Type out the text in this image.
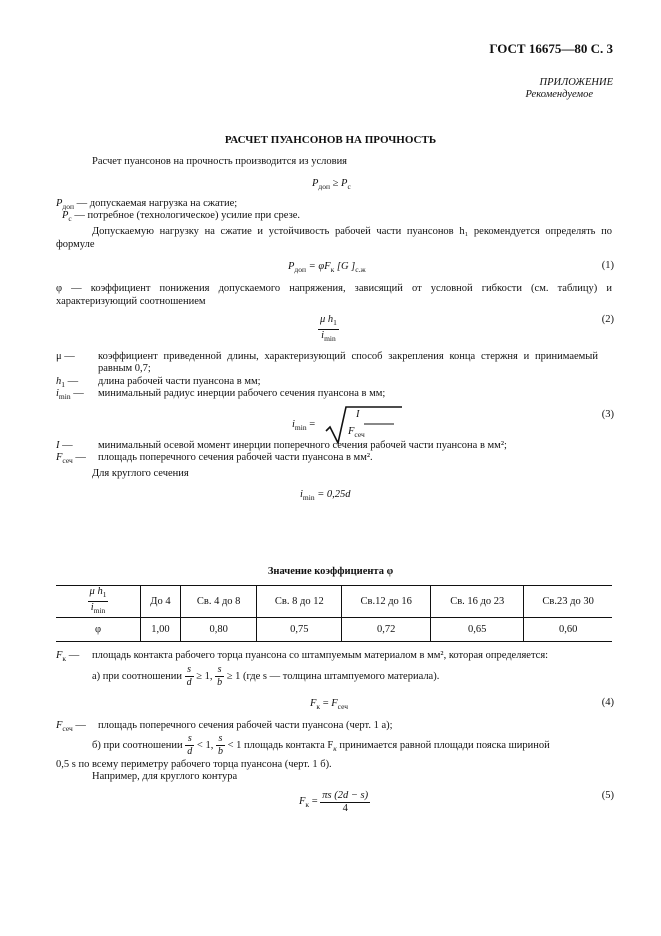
ГОСТ 16675—80 С. 3
ПРИЛОЖЕНИЕ
Рекомендуемое
РАСЧЕТ ПУАНСОНОВ НА ПРОЧНОСТЬ
Расчет пуансонов на прочность производится из условия
$P_{доп} \ge P_c$
$P_{доп}$ — допускаемая нагрузка на сжатие;
$P_c$ — потребное (технологическое) усилие при срезе.
Допускаемую нагрузку на сжатие и устойчивость рабочей части пуансонов h₁ рекомендуется определять по формуле
$P_{доп} = \varphi F_к$ [G ]$_{с.ж}$	(1)
φ — коэффициент понижения допускаемого напряжения, зависящий от условной гибкости (см. таблицу) и характеризующий соотношением
$\frac{\mu h_1}{i_{min}}$	(2)
μ — коэффициент приведенной длины, характеризующий способ закрепления конца стержня и принимаемый равным 0,7;
$h_1$ — длина рабочей части пуансона в мм;
$i_{min}$ — минимальный радиус инерции рабочего сечения пуансона в мм;
$i_{min}$ =
I
$F_{сеч}$
(3)
I — минимальный осевой момент инерции поперечного сечения рабочей части пуансона в мм²;
$F_{сеч}$ — площадь поперечного сечения рабочей части пуансона в мм².
Для круглого сечения
$i_{min} = 0,25d$
Значение коэффициента φ
$\frac{\mu h_1}{i_{min}}$	До 4	Св. 4 до 8	Св. 8 до 12	Св.12 до 16	Св. 16 до 23	Св.23 до 30
φ	1,00	0,80	0,75	0,72	0,65	0,60
$F_к$ — площадь контакта рабочего торца пуансона со штампуемым материалом в мм², которая определяется:
а) при соотношении $\frac{s}{d} \ge 1$, $\frac{s}{b} \ge 1$ (где s — толщина штампуемого материала).
$F_к = F_{сеч}$	(4)
$F_{сеч}$ — площадь поперечного сечения рабочей части пуансона (черт. 1 а);
б) при соотношении $\frac{s}{d} < 1$, $\frac{s}{b} < 1$ площадь контакта $F_к$ принимается равной площади пояска шириной
0,5 s по всему периметру рабочего торца пуансона (черт. 1 б).
Например, для круглого контура
$F_к = \frac{\pi s (2d - s)}{4}$	(5)
